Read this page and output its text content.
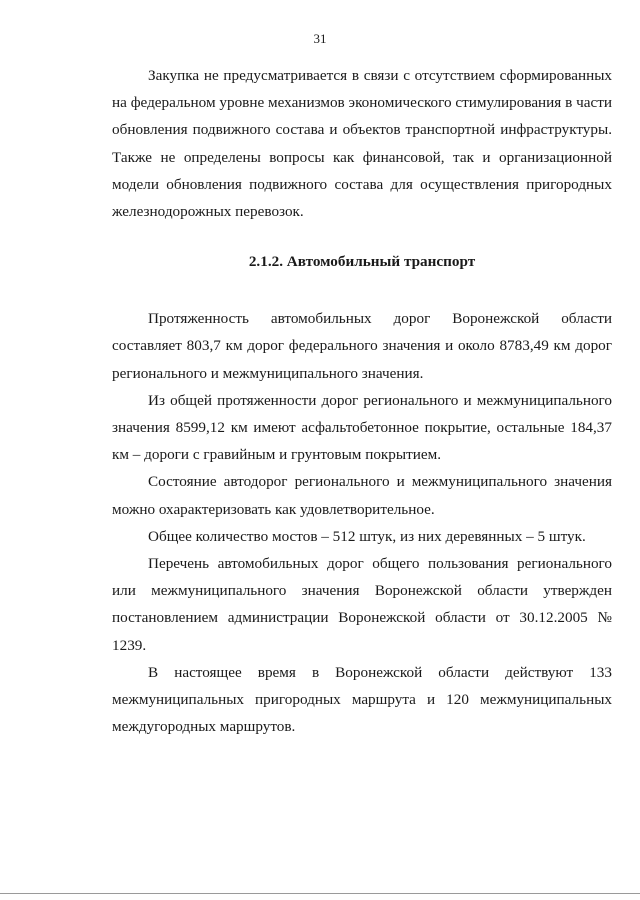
31

Закупка не предусматривается в связи с отсутствием сформированных на федеральном уровне механизмов экономического стимулирования в части обновления подвижного состава и объектов транспортной инфраструктуры. Также не определены вопросы как финансовой, так и организационной модели обновления подвижного состава для осуществления пригородных железнодорожных перевозок.

2.1.2. Автомобильный транспорт

Протяженность автомобильных дорог Воронежской области составляет 803,7 км дорог федерального значения и около 8783,49 км дорог регионального и межмуниципального значения.

Из общей протяженности дорог регионального и межмуниципального значения 8599,12 км имеют асфальтобетонное покрытие, остальные 184,37 км – дороги с гравийным и грунтовым покрытием.

Состояние автодорог регионального и межмуниципального значения можно охарактеризовать как удовлетворительное.

Общее количество мостов – 512 штук, из них деревянных – 5 штук.

Перечень автомобильных дорог общего пользования регионального или межмуниципального значения Воронежской области утвержден постановлением администрации Воронежской области от 30.12.2005 № 1239.

В настоящее время в Воронежской области действуют 133 межмуниципальных пригородных маршрута и 120 межмуниципальных междугородных маршрутов.
